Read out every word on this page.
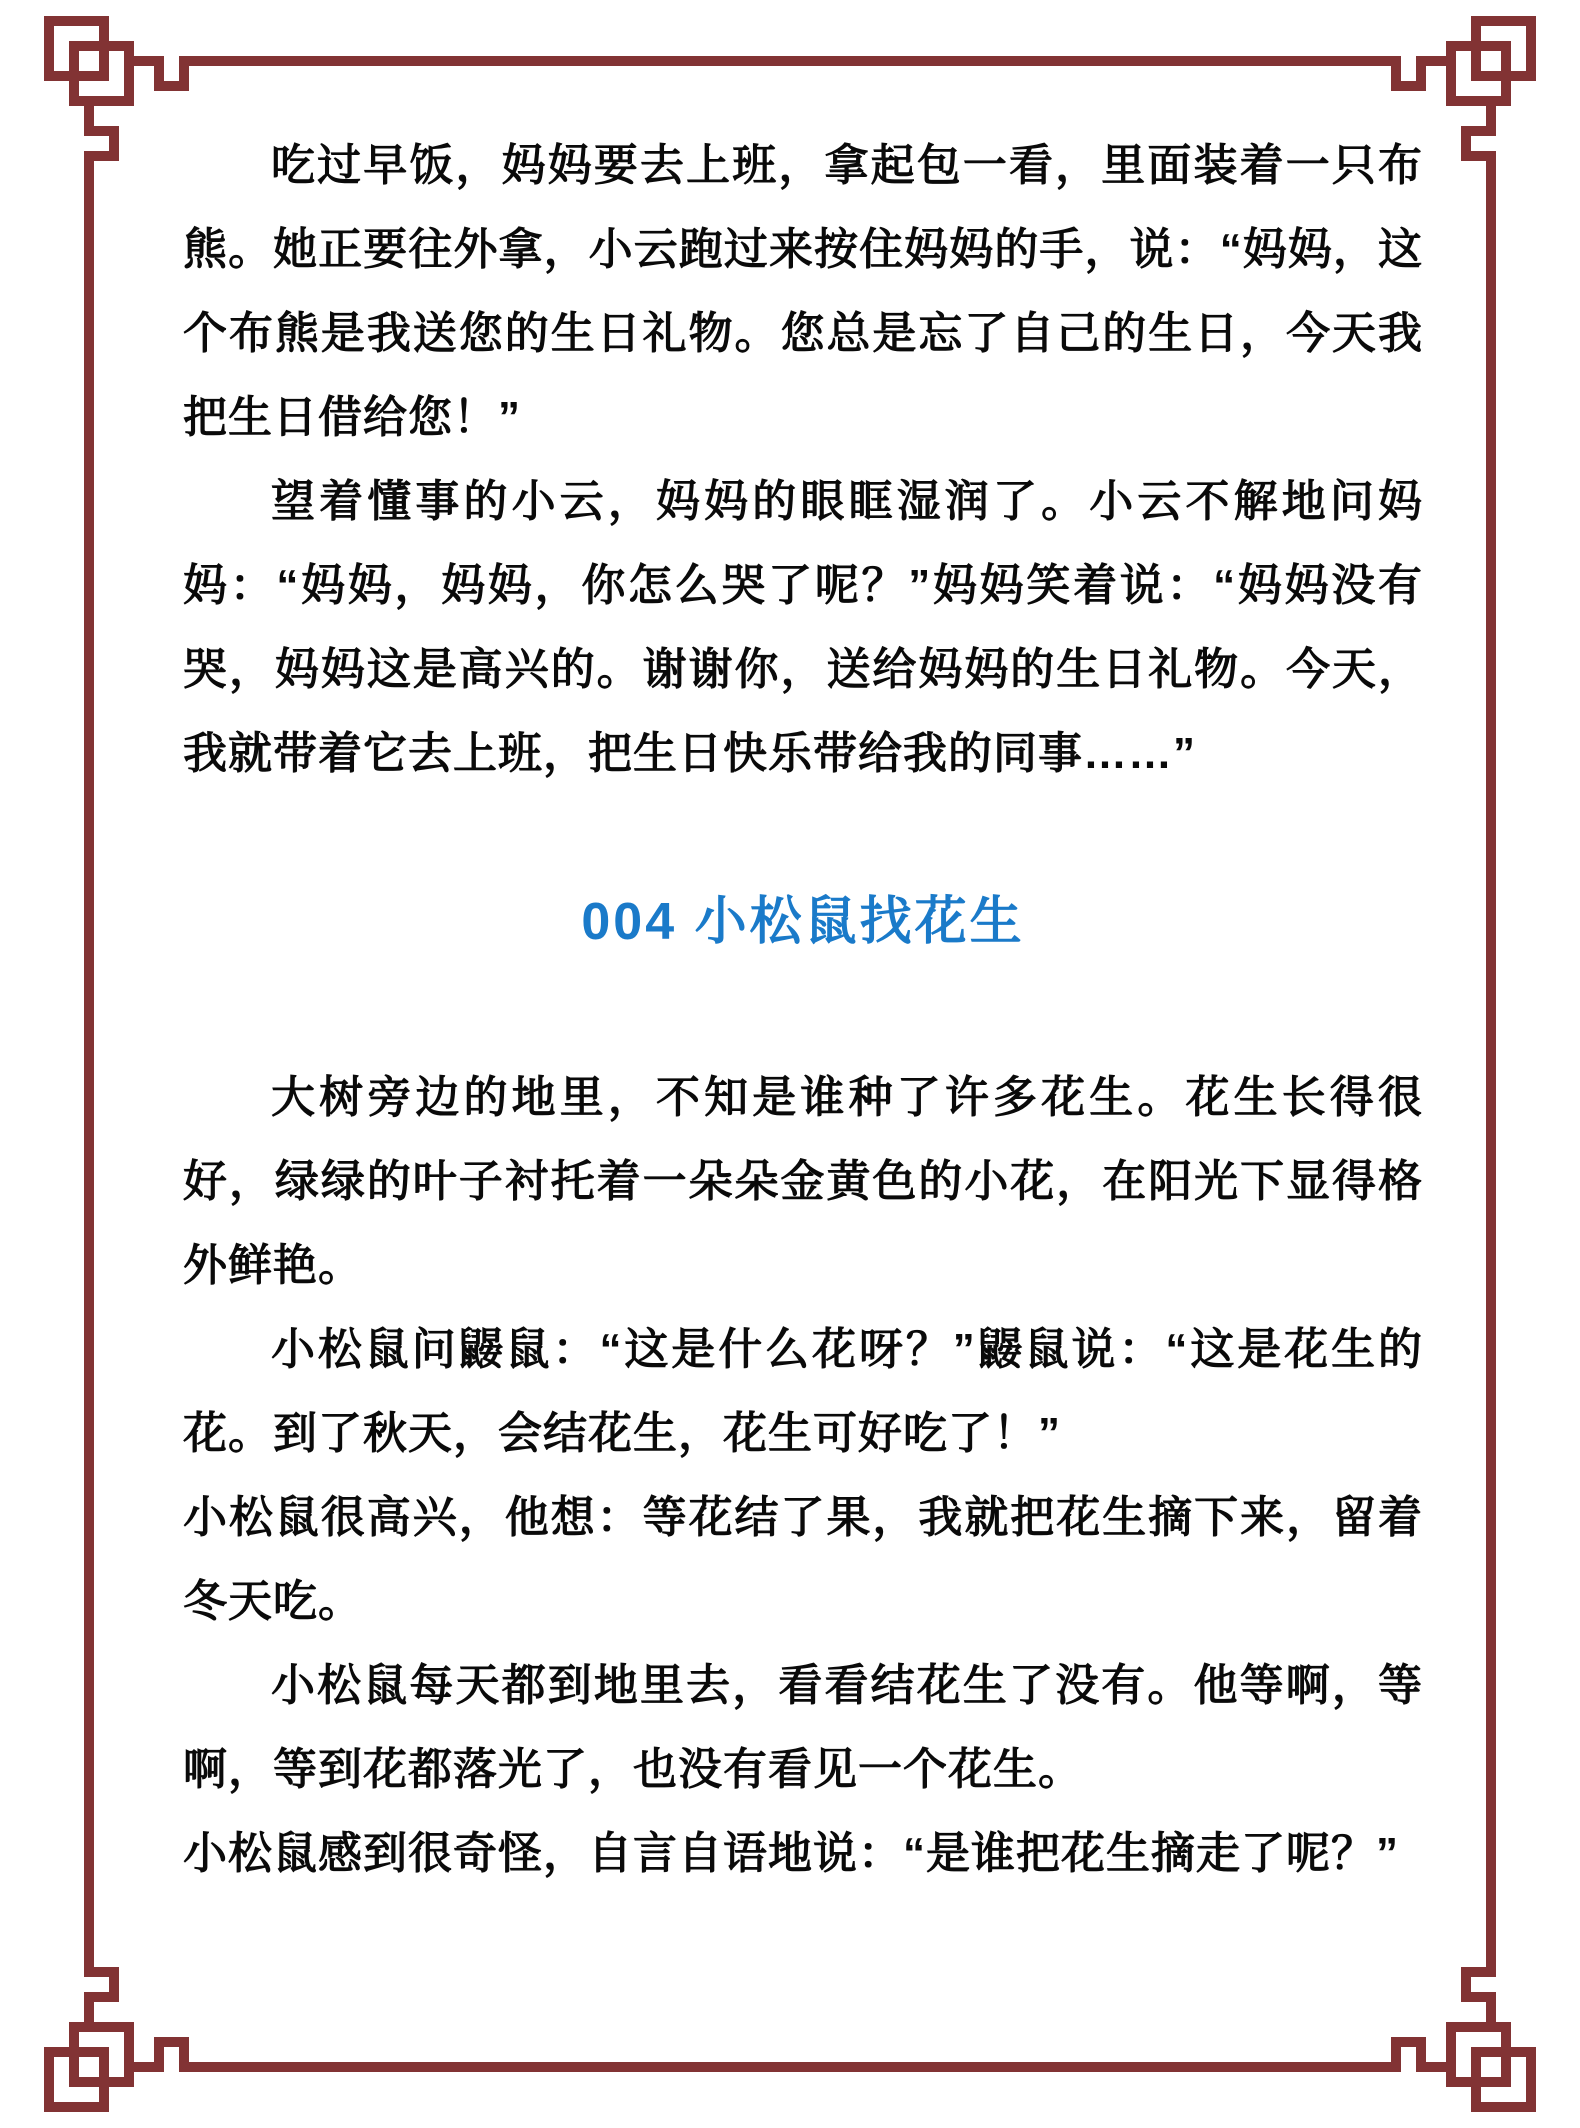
吃过早饭，妈妈要去上班，拿起包一看，里面装着一只布熊。她正要往外拿，小云跑过来按住妈妈的手，说：“妈妈，这个布熊是我送您的生日礼物。您总是忘了自己的生日，今天我把生日借给您！”

望着懂事的小云，妈妈的眼眶湿润了。小云不解地问妈妈：“妈妈，妈妈，你怎么哭了呢？”妈妈笑着说：“妈妈没有哭，妈妈这是高兴的。谢谢你，送给妈妈的生日礼物。今天，我就带着它去上班，把生日快乐带给我的同事……”

004 小松鼠找花生

大树旁边的地里，不知是谁种了许多花生。花生长得很好，绿绿的叶子衬托着一朵朵金黄色的小花，在阳光下显得格外鲜艳。

小松鼠问鼹鼠：“这是什么花呀？”鼹鼠说：“这是花生的花。到了秋天，会结花生，花生可好吃了！”

小松鼠很高兴，他想：等花结了果，我就把花生摘下来，留着冬天吃。

小松鼠每天都到地里去，看看结花生了没有。他等啊，等啊，等到花都落光了，也没有看见一个花生。

小松鼠感到很奇怪，自言自语地说：“是谁把花生摘走了呢？”
